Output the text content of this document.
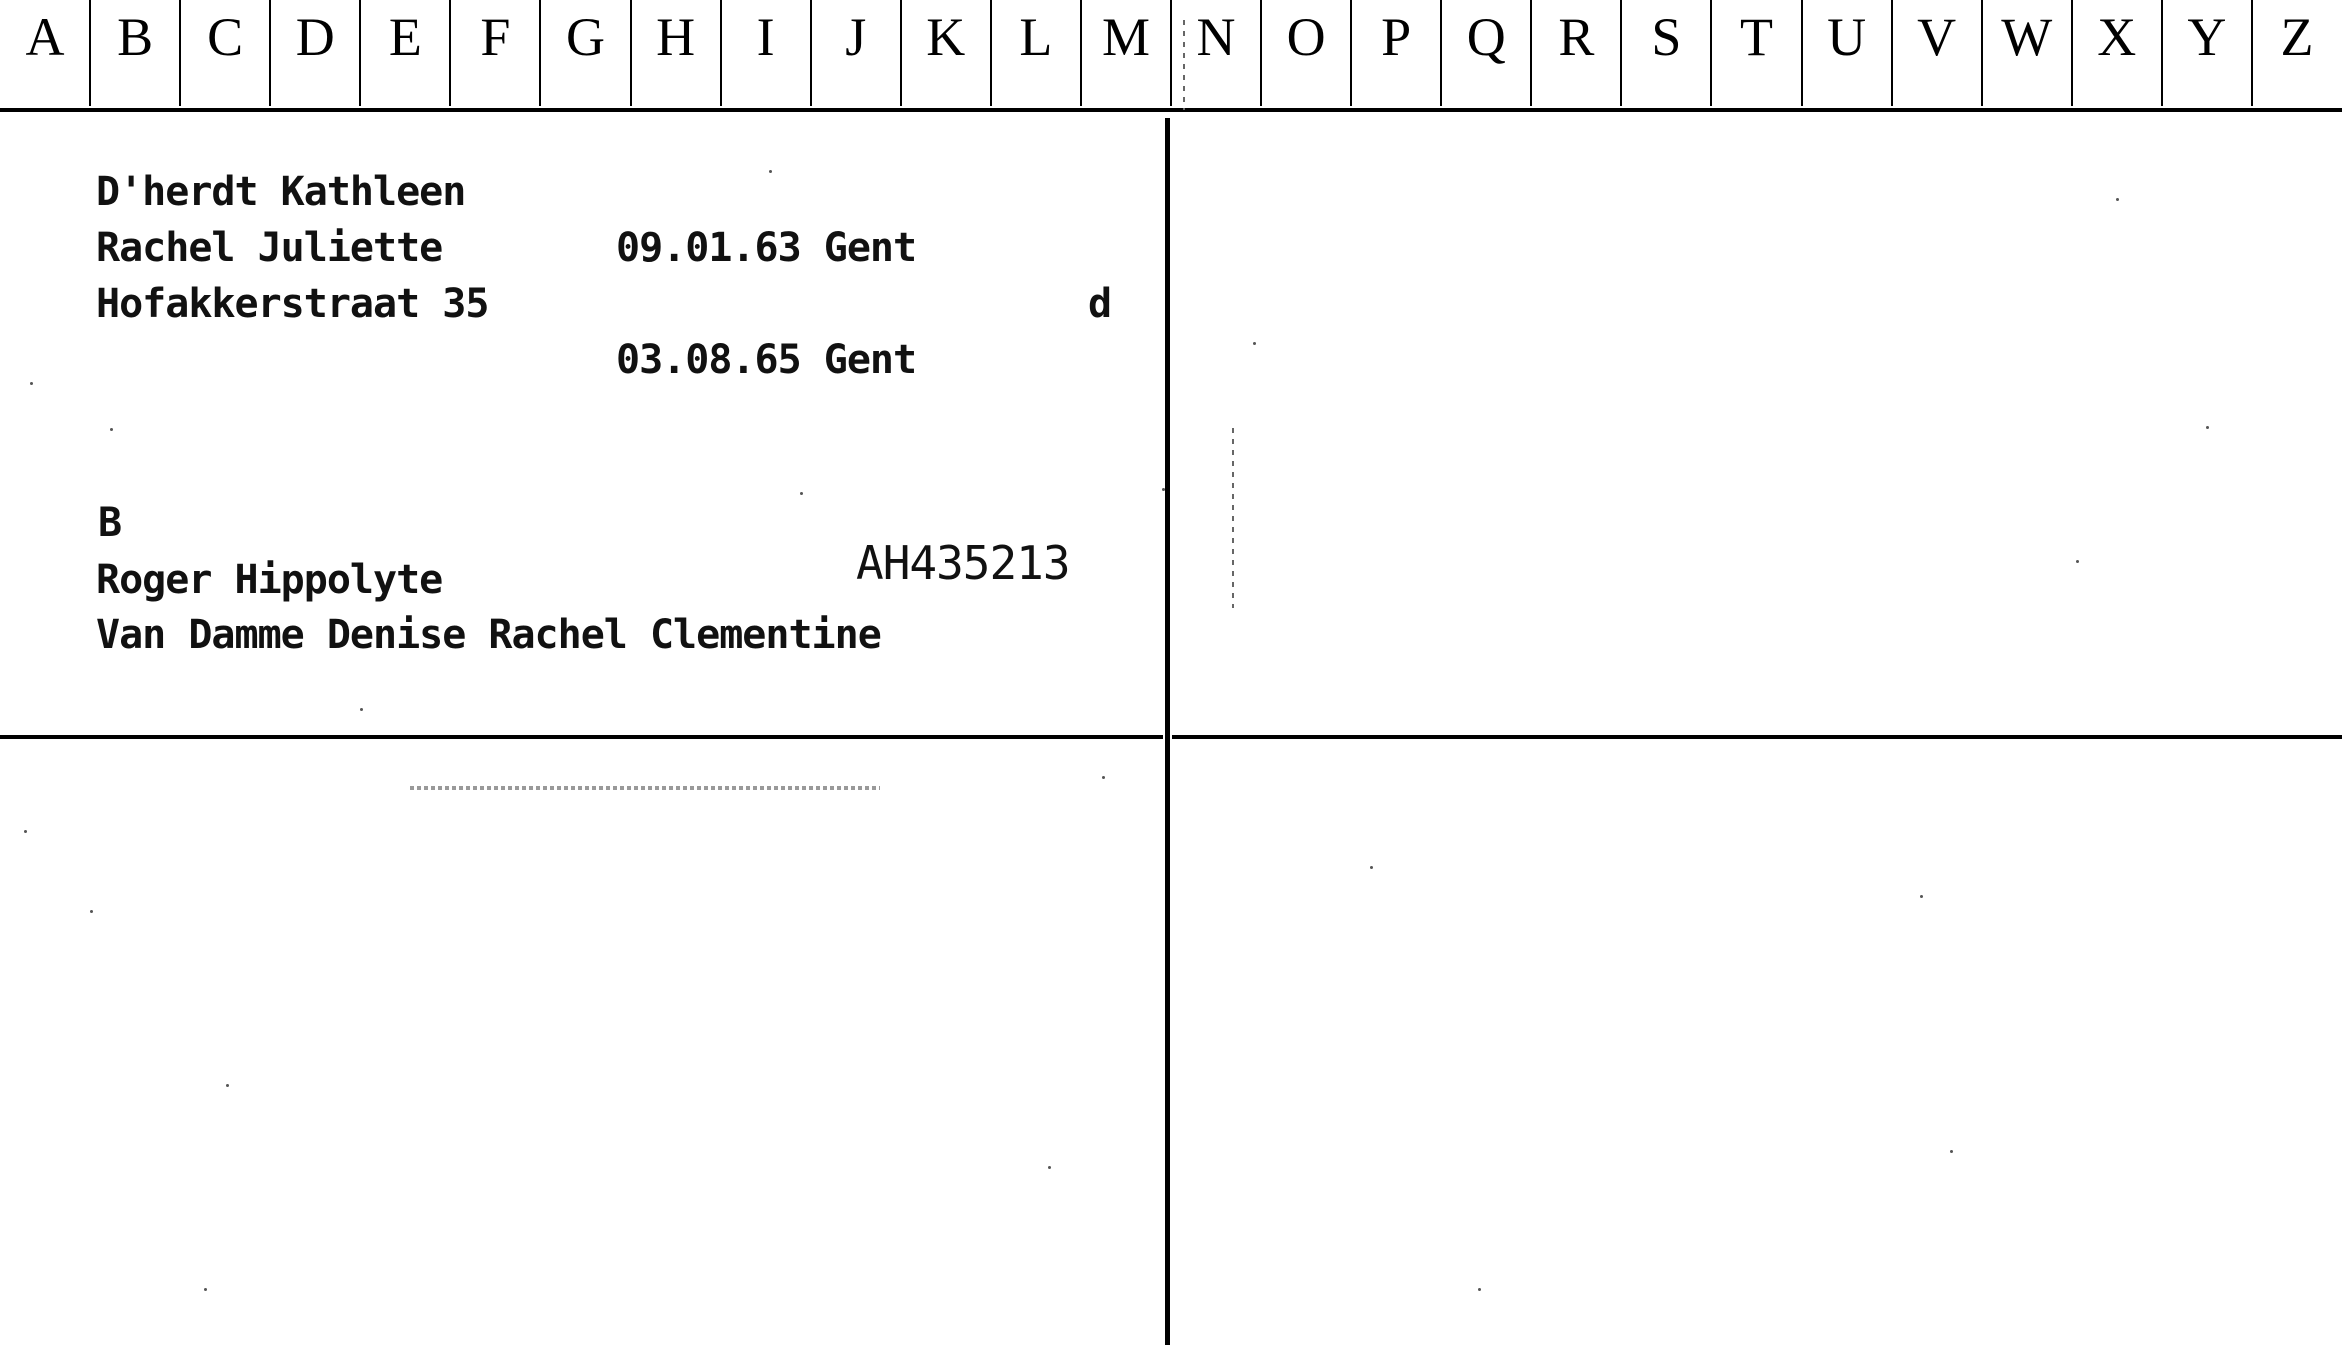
A B	C D	E	F	G H	I	J	K	L M N O	P	Q R	S	T	U V W X Y	Z
D'herdt Kathleen
Rachel Juliette	09.01.63 Gent
Hofakkerstraat 35	d
03.08.65 Gent
B
Roger Hippolyte	AH435213
Van Damme Denise Rachel Clementine
